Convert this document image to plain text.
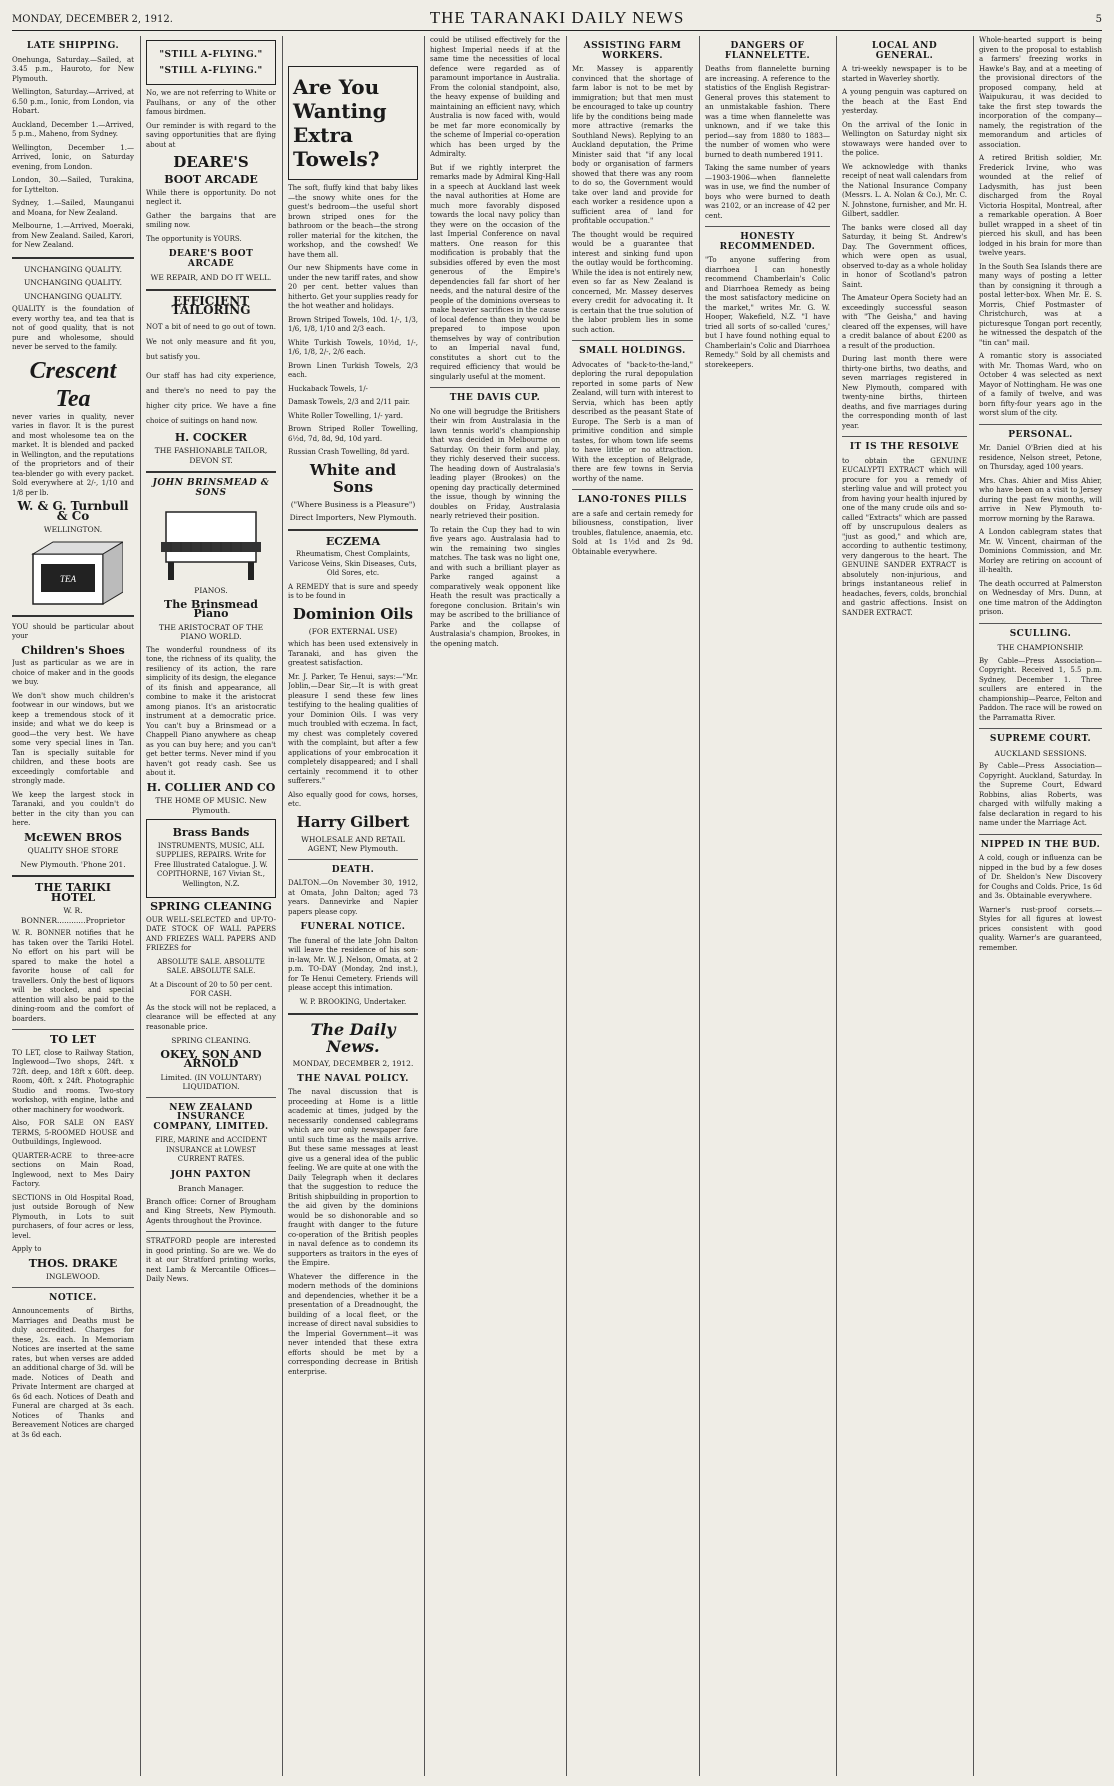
MONDAY, DECEMBER 2, 1912.	THE TARANAKI DAILY NEWS	5
LATE SHIPPING.

Onehunga, Saturday.—Sailed, at 3.45 p.m., Hauroto, for New Plymouth.

Wellington, Saturday.—Arrived, at 6.50 p.m., Ionic, from London, via Hobart.

Auckland, December 1.—Arrived, 5 p.m., Maheno, from Sydney.

Wellington, December 1.—Arrived, Ionic, on Saturday evening, from London.

London, 30.—Sailed, Turakina, for Lyttelton.

Sydney, 1.—Sailed, Maunganui and Moana, for New Zealand.

Melbourne, 1.—Arrived, Moeraki, from New Zealand. Sailed, Karori, for New Zealand.

UNCHANGING QUALITY.
UNCHANGING QUALITY.
UNCHANGING QUALITY.

QUALITY is the foundation of every worthy tea, and tea that is not of good quality, that is not pure and wholesome, should never be served to the family.

Crescent Tea

never varies in quality, never varies in flavor. It is the purest and most wholesome tea on the market. It is blended and packed in Wellington, and the reputations of the proprietors and of their tea-blender go with every packet. Sold everywhere at 2/-, 1/10 and 1/8 per lb.

W. & G. Turnbull & Co
WELLINGTON.
TEA

YOU should be particular about your

Children's Shoes

Just as particular as we are in choice of maker and in the goods we buy.

We don't show much children's footwear in our windows, but we keep a tremendous stock of it inside; and what we do keep is good—the very best. We have some very special lines in Tan. Tan is specially suitable for children, and these boots are exceedingly comfortable and strongly made.

We keep the largest stock in Taranaki, and you couldn't do better in the city than you can here.

McEWEN BROS
QUALITY SHOE STORE
New Plymouth. 'Phone 201.
THE TARIKI HOTEL
W. R. BONNER............Proprietor

W. R. BONNER notifies that he has taken over the Tariki Hotel. No effort on his part will be spared to make the hotel a favorite house of call for travellers. Only the best of liquors will be stocked, and special attention will also be paid to the dining-room and the comfort of boarders.

TO LET

TO LET, close to Railway Station, Inglewood—Two shops, 24ft. x 72ft. deep, and 18ft x 60ft. deep. Room, 40ft. x 24ft. Photographic Studio and rooms. Two-story workshop, with engine, lathe and other machinery for woodwork.

Also, FOR SALE ON EASY TERMS, 5-ROOMED HOUSE and Outbuildings, Inglewood.

QUARTER-ACRE to three-acre sections on Main Road, Inglewood, next to Mes Dairy Factory.

SECTIONS in Old Hospital Road, just outside Borough of New Plymouth, in Lots to suit purchasers, of four acres or less, level.

Apply to

THOS. DRAKE
INGLEWOOD.
NOTICE.

Announcements of Births, Marriages and Deaths must be duly accredited. Charges for these, 2s. each. In Memoriam Notices are inserted at the same rates, but when verses are added an additional charge of 3d. will be made. Notices of Death and Private Interment are charged at 6s 6d each. Notices of Death and Funeral are charged at 3s each. Notices of Thanks and Bereavement Notices are charged at 3s 6d each.

"STILL A-FLYING."
"STILL A-FLYING."

No, we are not referring to White or Paulhans, or any of the other famous birdmen.

Our reminder is with regard to the saving opportunities that are flying about at

DEARE'S
BOOT ARCADE

While there is opportunity. Do not neglect it.

Gather the bargains that are smiling now.

The opportunity is YOURS.

DEARE'S BOOT ARCADE
WE REPAIR, AND DO IT WELL.
EFFICIENT TAILORING

NOT a bit of need to go out of town. We not only measure and fit you, but satisfy you.

Our staff has had city experience, and there's no need to pay the higher city price. We have a fine choice of suitings on hand now.

H. COCKER
THE FASHIONABLE TAILOR, DEVON ST.
JOHN BRINSMEAD & SONS
PIANOS.
The Brinsmead Piano
THE ARISTOCRAT OF THE PIANO WORLD.

The wonderful roundness of its tone, the richness of its quality, the resiliency of its action, the rare simplicity of its design, the elegance of its finish and appearance, all combine to make it the aristocrat among pianos. It's an aristocratic instrument at a democratic price. You can't buy a Brinsmead or a Chappell Piano anywhere as cheap as you can buy here; and you can't get better terms. Never mind if you haven't got ready cash. See us about it.

H. COLLIER AND CO
THE HOME OF MUSIC. New Plymouth.
Brass Bands

INSTRUMENTS, MUSIC, ALL SUPPLIES, REPAIRS. Write for Free Illustrated Catalogue. J. W. COPITHORNE, 167 Vivian St., Wellington, N.Z.

SPRING CLEANING

OUR WELL-SELECTED and UP-TO-DATE STOCK OF WALL PAPERS AND FRIEZES WALL PAPERS AND FRIEZES for

ABSOLUTE SALE. ABSOLUTE SALE. ABSOLUTE SALE.

At a Discount of 20 to 50 per cent. FOR CASH.

As the stock will not be replaced, a clearance will be effected at any reasonable price.

SPRING CLEANING.
OKEY, SON AND ARNOLD
Limited. (IN VOLUNTARY) LIQUIDATION.
NEW ZEALAND INSURANCE COMPANY, LIMITED.

FIRE, MARINE and ACCIDENT INSURANCE at LOWEST CURRENT RATES.

JOHN PAXTON
Branch Manager.

Branch office: Corner of Brougham and King Streets, New Plymouth. Agents throughout the Province.

STRATFORD people are interested in good printing. So are we. We do it at our Stratford printing works, next Lamb & Mercantile Offices—Daily News.

Are You Wanting Extra Towels?

The soft, fluffy kind that baby likes—the snowy white ones for the guest's bedroom—the useful short brown striped ones for the bathroom or the beach—the strong roller material for the kitchen, the workshop, and the cowshed! We have them all.

Our new Shipments have come in under the new tariff rates, and show 20 per cent. better values than hitherto. Get your supplies ready for the hot weather and holidays.

Brown Striped Towels, 10d. 1/-, 1/3, 1/6, 1/8, 1/10 and 2/3 each.

White Turkish Towels, 10½d, 1/-, 1/6, 1/8, 2/-, 2/6 each.

Brown Linen Turkish Towels, 2/3 each.

Huckaback Towels, 1/-

Damask Towels, 2/3 and 2/11 pair.

White Roller Towelling, 1/- yard.

Brown Striped Roller Towelling, 6½d, 7d, 8d, 9d, 10d yard.

Russian Crash Towelling, 8d yard.

White and Sons
("Where Business is a Pleasure")
Direct Importers, New Plymouth.
ECZEMA

Rheumatism, Chest Complaints, Varicose Veins, Skin Diseases, Cuts, Old Sores, etc.

A REMEDY that is sure and speedy is to be found in

Dominion Oils
(FOR EXTERNAL USE)

which has been used extensively in Taranaki, and has given the greatest satisfaction.

Mr. J. Parker, Te Henui, says:—"Mr. Joblin,—Dear Sir,—It is with great pleasure I send these few lines testifying to the healing qualities of your Dominion Oils. I was very much troubled with eczema. In fact, my chest was completely covered with the complaint, but after a few applications of your embrocation it completely disappeared; and I shall certainly recommend it to other sufferers."

Also equally good for cows, horses, etc.

Harry Gilbert
WHOLESALE AND RETAIL AGENT, New Plymouth.
DEATH.

DALTON.—On November 30, 1912, at Omata, John Dalton; aged 73 years. Dannevirke and Napier papers please copy.

FUNERAL NOTICE.

The funeral of the late John Dalton will leave the residence of his son-in-law, Mr. W. J. Nelson, Omata, at 2 p.m. TO-DAY (Monday, 2nd inst.), for Te Henui Cemetery. Friends will please accept this intimation.

W. P. BROOKING, Undertaker.

The Daily News.
MONDAY, DECEMBER 2, 1912.
THE NAVAL POLICY.

The naval discussion that is proceeding at Home is a little academic at times, judged by the necessarily condensed cablegrams which are our only newspaper fare until such time as the mails arrive. But these same messages at least give us a general idea of the public feeling. We are quite at one with the Daily Telegraph when it declares that the suggestion to reduce the British shipbuilding in proportion to the aid given by the dominions would be so dishonorable and so fraught with danger to the future co-operation of the British peoples in naval defence as to condemn its supporters as traitors in the eyes of the Empire.

Whatever the difference in the modern methods of the dominions and dependencies, whether it be a presentation of a Dreadnought, the building of a local fleet, or the increase of direct naval subsidies to the Imperial Government—it was never intended that these extra efforts should be met by a corresponding decrease in British enterprise.

could be utilised effectively for the highest Imperial needs if at the same time the necessities of local defence were regarded as of paramount importance in Australia. From the colonial standpoint, also, the heavy expense of building and maintaining an efficient navy, which Australia is now faced with, would be met far more economically by the scheme of Imperial co-operation which has been urged by the Admiralty.

But if we rightly interpret the remarks made by Admiral King-Hall in a speech at Auckland last week the naval authorities at Home are much more favorably disposed towards the local navy policy than they were on the occasion of the last Imperial Conference on naval matters. One reason for this modification is probably that the subsidies offered by even the most generous of the Empire's dependencies fall far short of her needs, and the natural desire of the people of the dominions overseas to make heavier sacrifices in the cause of local defence than they would be prepared to impose upon themselves by way of contribution to an Imperial naval fund, constitutes a short cut to the required efficiency that would be singularly useful at the moment.

THE DAVIS CUP.

No one will begrudge the Britishers their win from Australasia in the lawn tennis world's championship that was decided in Melbourne on Saturday. On their form and play, they richly deserved their success. The heading down of Australasia's leading player (Brookes) on the opening day practically determined the issue, though by winning the doubles on Friday, Australasia nearly retrieved their position.

To retain the Cup they had to win five years ago. Australasia had to win the remaining two singles matches. The task was no light one, and with such a brilliant player as Parke ranged against a comparatively weak opponent like Heath the result was practically a foregone conclusion. Britain's win may be ascribed to the brilliance of Parke and the collapse of Australasia's champion, Brookes, in the opening match.

ASSISTING FARM WORKERS.

Mr. Massey is apparently convinced that the shortage of farm labor is not to be met by immigration; but that men must be encouraged to take up country life by the conditions being made more attractive (remarks the Southland News). Replying to an Auckland deputation, the Prime Minister said that "if any local body or organisation of farmers showed that there was any room to do so, the Government would take over land and provide for each worker a residence upon a sufficient area of land for profitable occupation."

The thought would be required would be a guarantee that interest and sinking fund upon the outlay would be forthcoming. While the idea is not entirely new, even so far as New Zealand is concerned, Mr. Massey deserves every credit for advocating it. It is certain that the true solution of the labor problem lies in some such action.

SMALL HOLDINGS.

Advocates of "back-to-the-land," deploring the rural depopulation reported in some parts of New Zealand, will turn with interest to Servia, which has been aptly described as the peasant State of Europe. The Serb is a man of primitive condition and simple tastes, for whom town life seems to have little or no attraction. With the exception of Belgrade, there are few towns in Servia worthy of the name.

LANO-TONES PILLS

are a safe and certain remedy for biliousness, constipation, liver troubles, flatulence, anaemia, etc. Sold at 1s 1½d and 2s 9d. Obtainable everywhere.

DANGERS OF FLANNELETTE.

Deaths from flannelette burning are increasing. A reference to the statistics of the English Registrar-General proves this statement to an unmistakable fashion. There was a time when flannelette was unknown, and if we take this period—say from 1880 to 1883—the number of women who were burned to death numbered 1911.

Taking the same number of years—1903-1906—when flannelette was in use, we find the number of boys who were burned to death was 2102, or an increase of 42 per cent.

HONESTY RECOMMENDED.

"To anyone suffering from diarrhoea I can honestly recommend Chamberlain's Colic and Diarrhoea Remedy as being the most satisfactory medicine on the market," writes Mr. G. W. Hooper, Wakefield, N.Z. "I have tried all sorts of so-called 'cures,' but I have found nothing equal to Chamberlain's Colic and Diarrhoea Remedy." Sold by all chemists and storekeepers.

LOCAL AND GENERAL.

A tri-weekly newspaper is to be started in Waverley shortly.

A young penguin was captured on the beach at the East End yesterday.

On the arrival of the Ionic in Wellington on Saturday night six stowaways were handed over to the police.

We acknowledge with thanks receipt of neat wall calendars from the National Insurance Company (Messrs. L. A. Nolan & Co.), Mr. C. N. Johnstone, furnisher, and Mr. H. Gilbert, saddler.

The banks were closed all day Saturday, it being St. Andrew's Day. The Government offices, which were open as usual, observed to-day as a whole holiday in honor of Scotland's patron Saint.

The Amateur Opera Society had an exceedingly successful season with "The Geisha," and having cleared off the expenses, will have a credit balance of about £200 as a result of the production.

During last month there were thirty-one births, two deaths, and seven marriages registered in New Plymouth, compared with twenty-nine births, thirteen deaths, and five marriages during the corresponding month of last year.

IT IS THE RESOLVE

to obtain the GENUINE EUCALYPTI EXTRACT which will procure for you a remedy of sterling value and will protect you from having your health injured by one of the many crude oils and so-called "Extracts" which are passed off by unscrupulous dealers as "just as good," and which are, according to authentic testimony, very dangerous to the heart. The GENUINE SANDER EXTRACT is absolutely non-injurious, and brings instantaneous relief in headaches, fevers, colds, bronchial and gastric affections. Insist on SANDER EXTRACT.

Whole-hearted support is being given to the proposal to establish a farmers' freezing works in Hawke's Bay, and at a meeting of the provisional directors of the proposed company, held at Waipukurau, it was decided to take the first step towards the incorporation of the company—namely, the registration of the memorandum and articles of association.

A retired British soldier, Mr. Frederick Irvine, who was wounded at the relief of Ladysmith, has just been discharged from the Royal Victoria Hospital, Montreal, after a remarkable operation. A Boer bullet wrapped in a sheet of tin pierced his skull, and has been lodged in his brain for more than twelve years.

In the South Sea Islands there are many ways of posting a letter than by consigning it through a postal letter-box. When Mr. E. S. Morris, Chief Postmaster of Christchurch, was at a picturesque Tongan port recently, he witnessed the despatch of the "tin can" mail.

A romantic story is associated with Mr. Thomas Ward, who on October 4 was selected as next Mayor of Nottingham. He was one of a family of twelve, and was born fifty-four years ago in the worst slum of the city.

PERSONAL.

Mr. Daniel O'Brien died at his residence, Nelson street, Petone, on Thursday, aged 100 years.

Mrs. Chas. Ahier and Miss Ahier, who have been on a visit to Jersey during the past few months, will arrive in New Plymouth to-morrow morning by the Rarawa.

A London cablegram states that Mr. W. Vincent, chairman of the Dominions Commission, and Mr. Morley are retiring on account of ill-health.

The death occurred at Palmerston on Wednesday of Mrs. Dunn, at one time matron of the Addington prison.

SCULLING.
THE CHAMPIONSHIP.

By Cable—Press Association—Copyright. Received 1, 5.5 p.m. Sydney, December 1. Three scullers are entered in the championship—Pearce, Felton and Paddon. The race will be rowed on the Parramatta River.

SUPREME COURT.
AUCKLAND SESSIONS.

By Cable—Press Association—Copyright. Auckland, Saturday. In the Supreme Court, Edward Robbins, alias Roberts, was charged with wilfully making a false declaration in regard to his name under the Marriage Act.

NIPPED IN THE BUD.

A cold, cough or influenza can be nipped in the bud by a few doses of Dr. Sheldon's New Discovery for Coughs and Colds. Price, 1s 6d and 3s. Obtainable everywhere.

Warner's rust-proof corsets.—Styles for all figures at lowest prices consistent with good quality. Warner's are guaranteed, remember.
